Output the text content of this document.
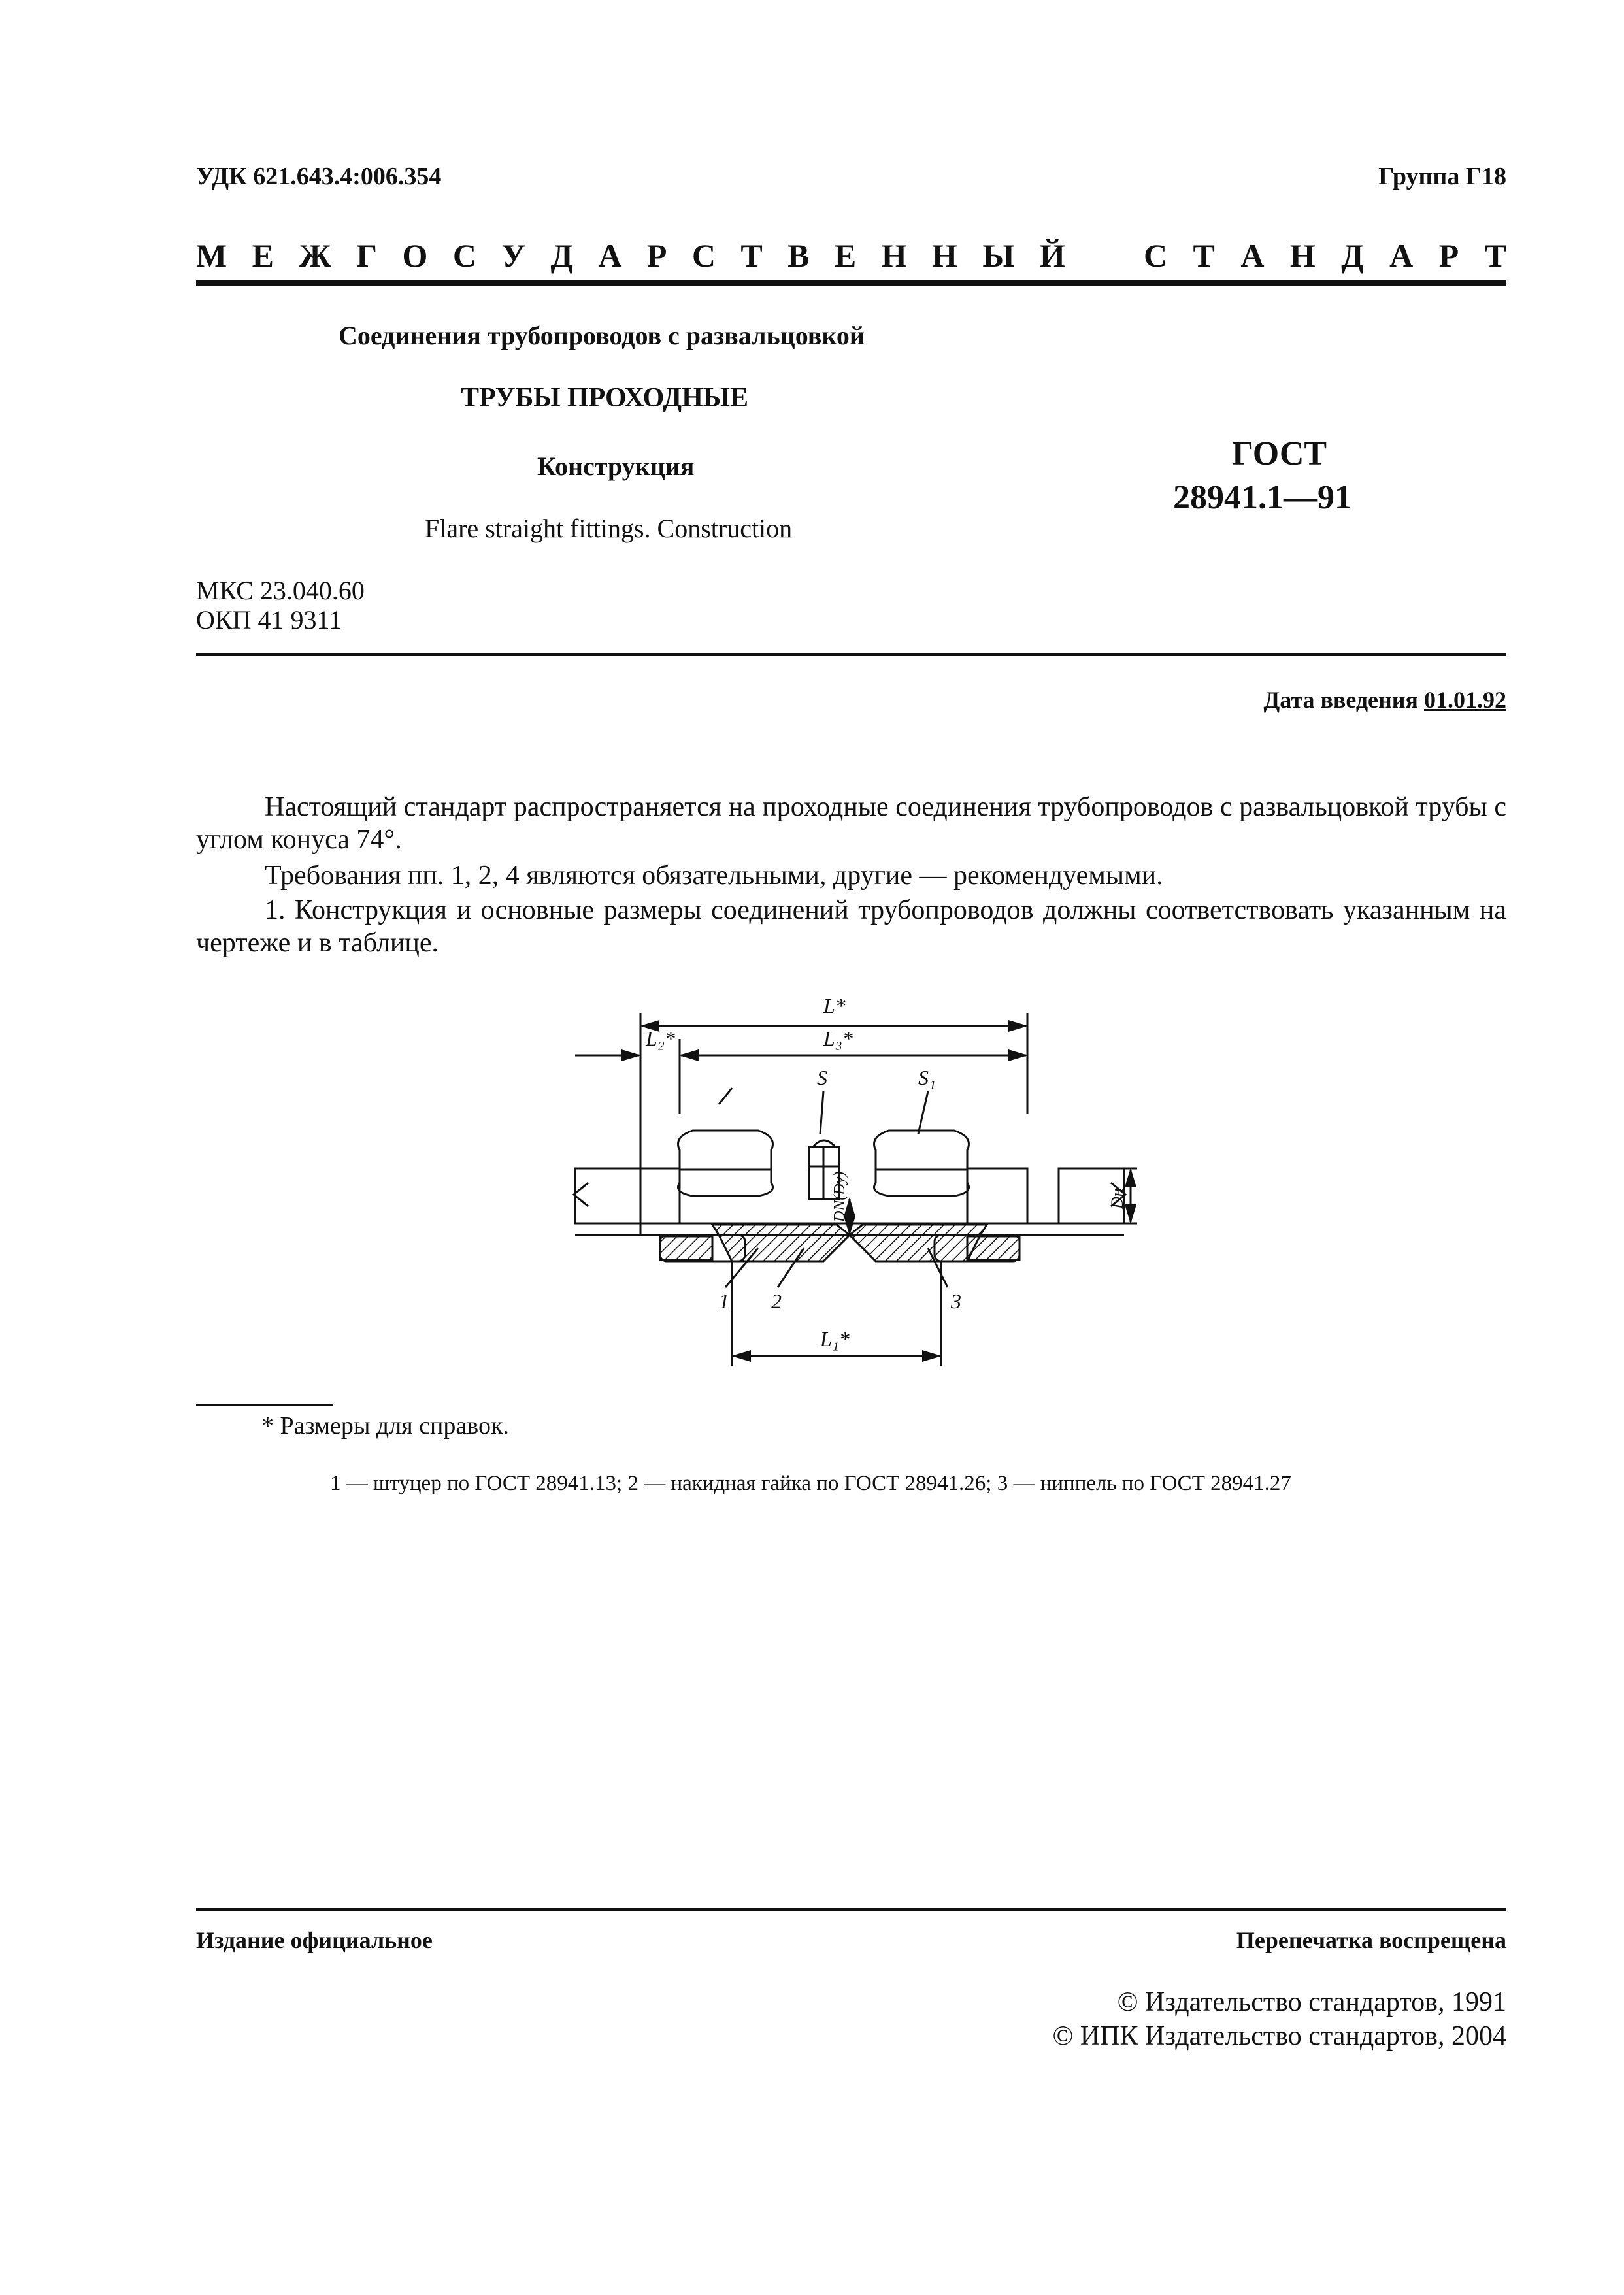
УДК 621.643.4:006.354	Группа Г18
М Е Ж Г О С У Д А Р С Т В Е Н Н Ы Й С Т А Н Д А Р Т
Соединения трубопроводов с развальцовкой
ТРУБЫ ПРОХОДНЫЕ
Конструкция
Flare straight fittings. Construction
ГОСТ
28941.1—91
МКС 23.040.60
ОКП 41 9311
Дата введения 01.01.92
Настоящий стандарт распространяется на проходные соединения трубопроводов с развальцовкой трубы с углом конуса 74°.
Требования пп. 1, 2, 4 являются обязательными, другие — рекомендуемыми.
1. Конструкция и основные размеры соединений трубопроводов должны соответствовать указанным на чертеже и в таблице.
L*
L₂*	L₃*
S	S₁
DN(Dy)	Dн
L₁*
1 2	3
* Размеры для справок.
1 — штуцер по ГОСТ 28941.13; 2 — накидная гайка по ГОСТ 28941.26; 3 — ниппель по ГОСТ 28941.27
Издание официальное	Перепечатка воспрещена
© Издательство стандартов, 1991
© ИПК Издательство стандартов, 2004
